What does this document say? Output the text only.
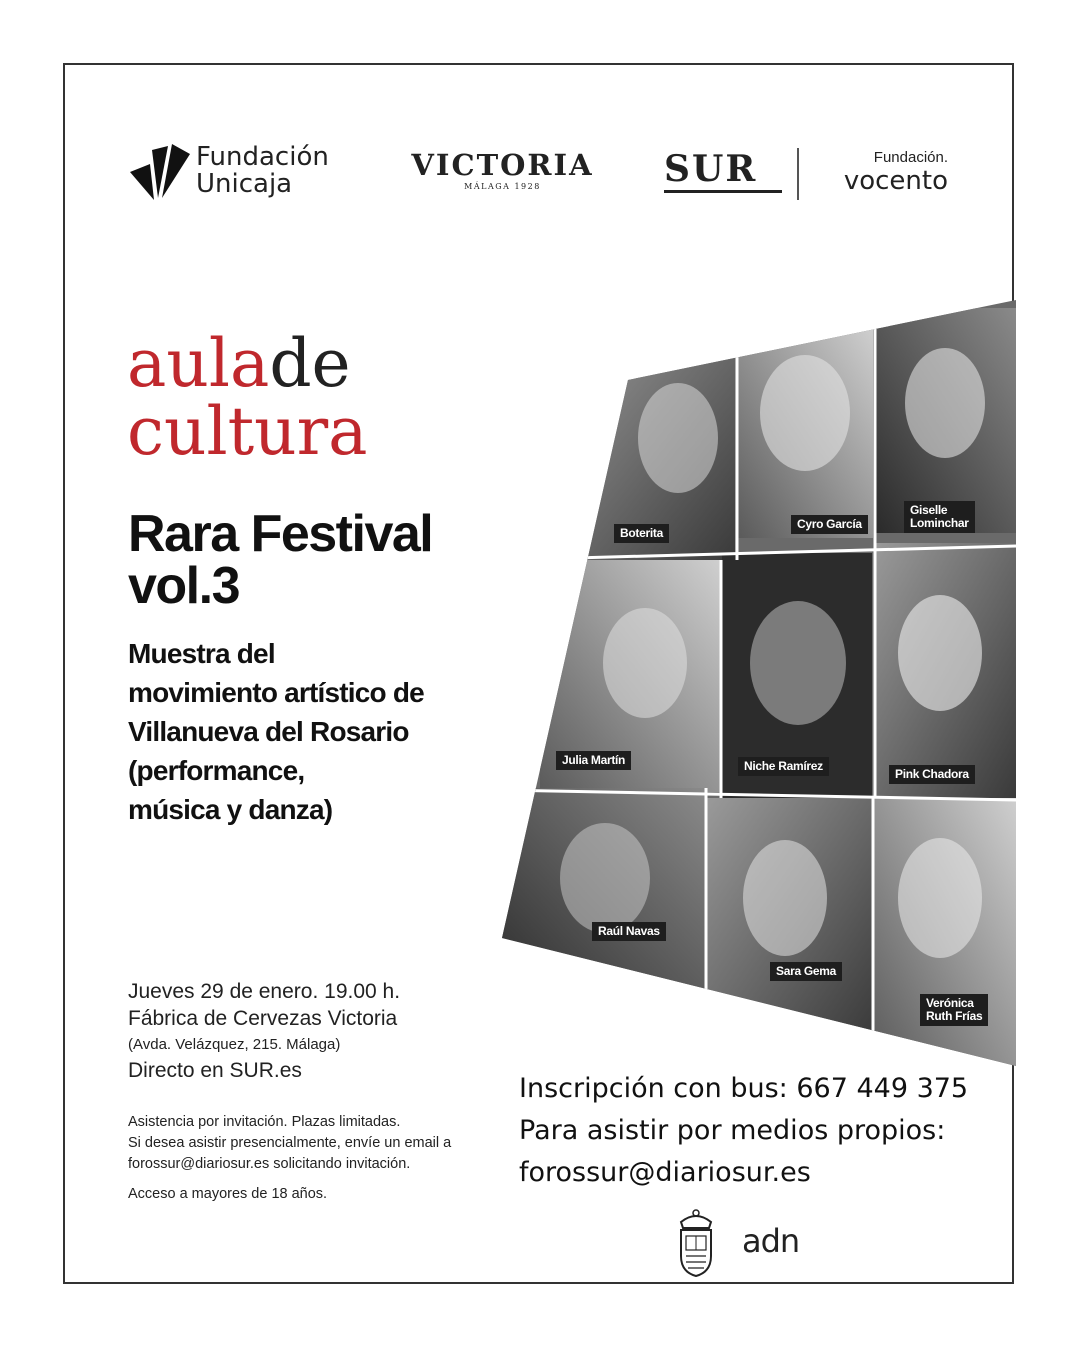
Fundación
Unicaja
VICTORIA
MÁLAGA 1928	SUR	Fundación.
vocento
aulade
cultura
Rara Festival
vol.3
Muestra del
movimiento artístico de
Villanueva del Rosario
(performance,
música y danza)
Boterita
Cyro García
Giselle
Lominchar
Julia Martín	Niche Ramírez
Pink Chadora
Raúl Navas
Sara Gema
Verónica
Ruth Frías
Jueves 29 de enero. 19.00 h.
Fábrica de Cervezas Victoria
(Avda. Velázquez, 215. Málaga)
Directo en SUR.es
Asistencia por invitación. Plazas limitadas.
Si desea asistir presencialmente, envíe un email a
forossur@diariosur.es solicitando invitación.
Acceso a mayores de 18 años.
Inscripción con bus: 667 449 375
Para asistir por medios propios:
forossur@diariosur.es
adn
